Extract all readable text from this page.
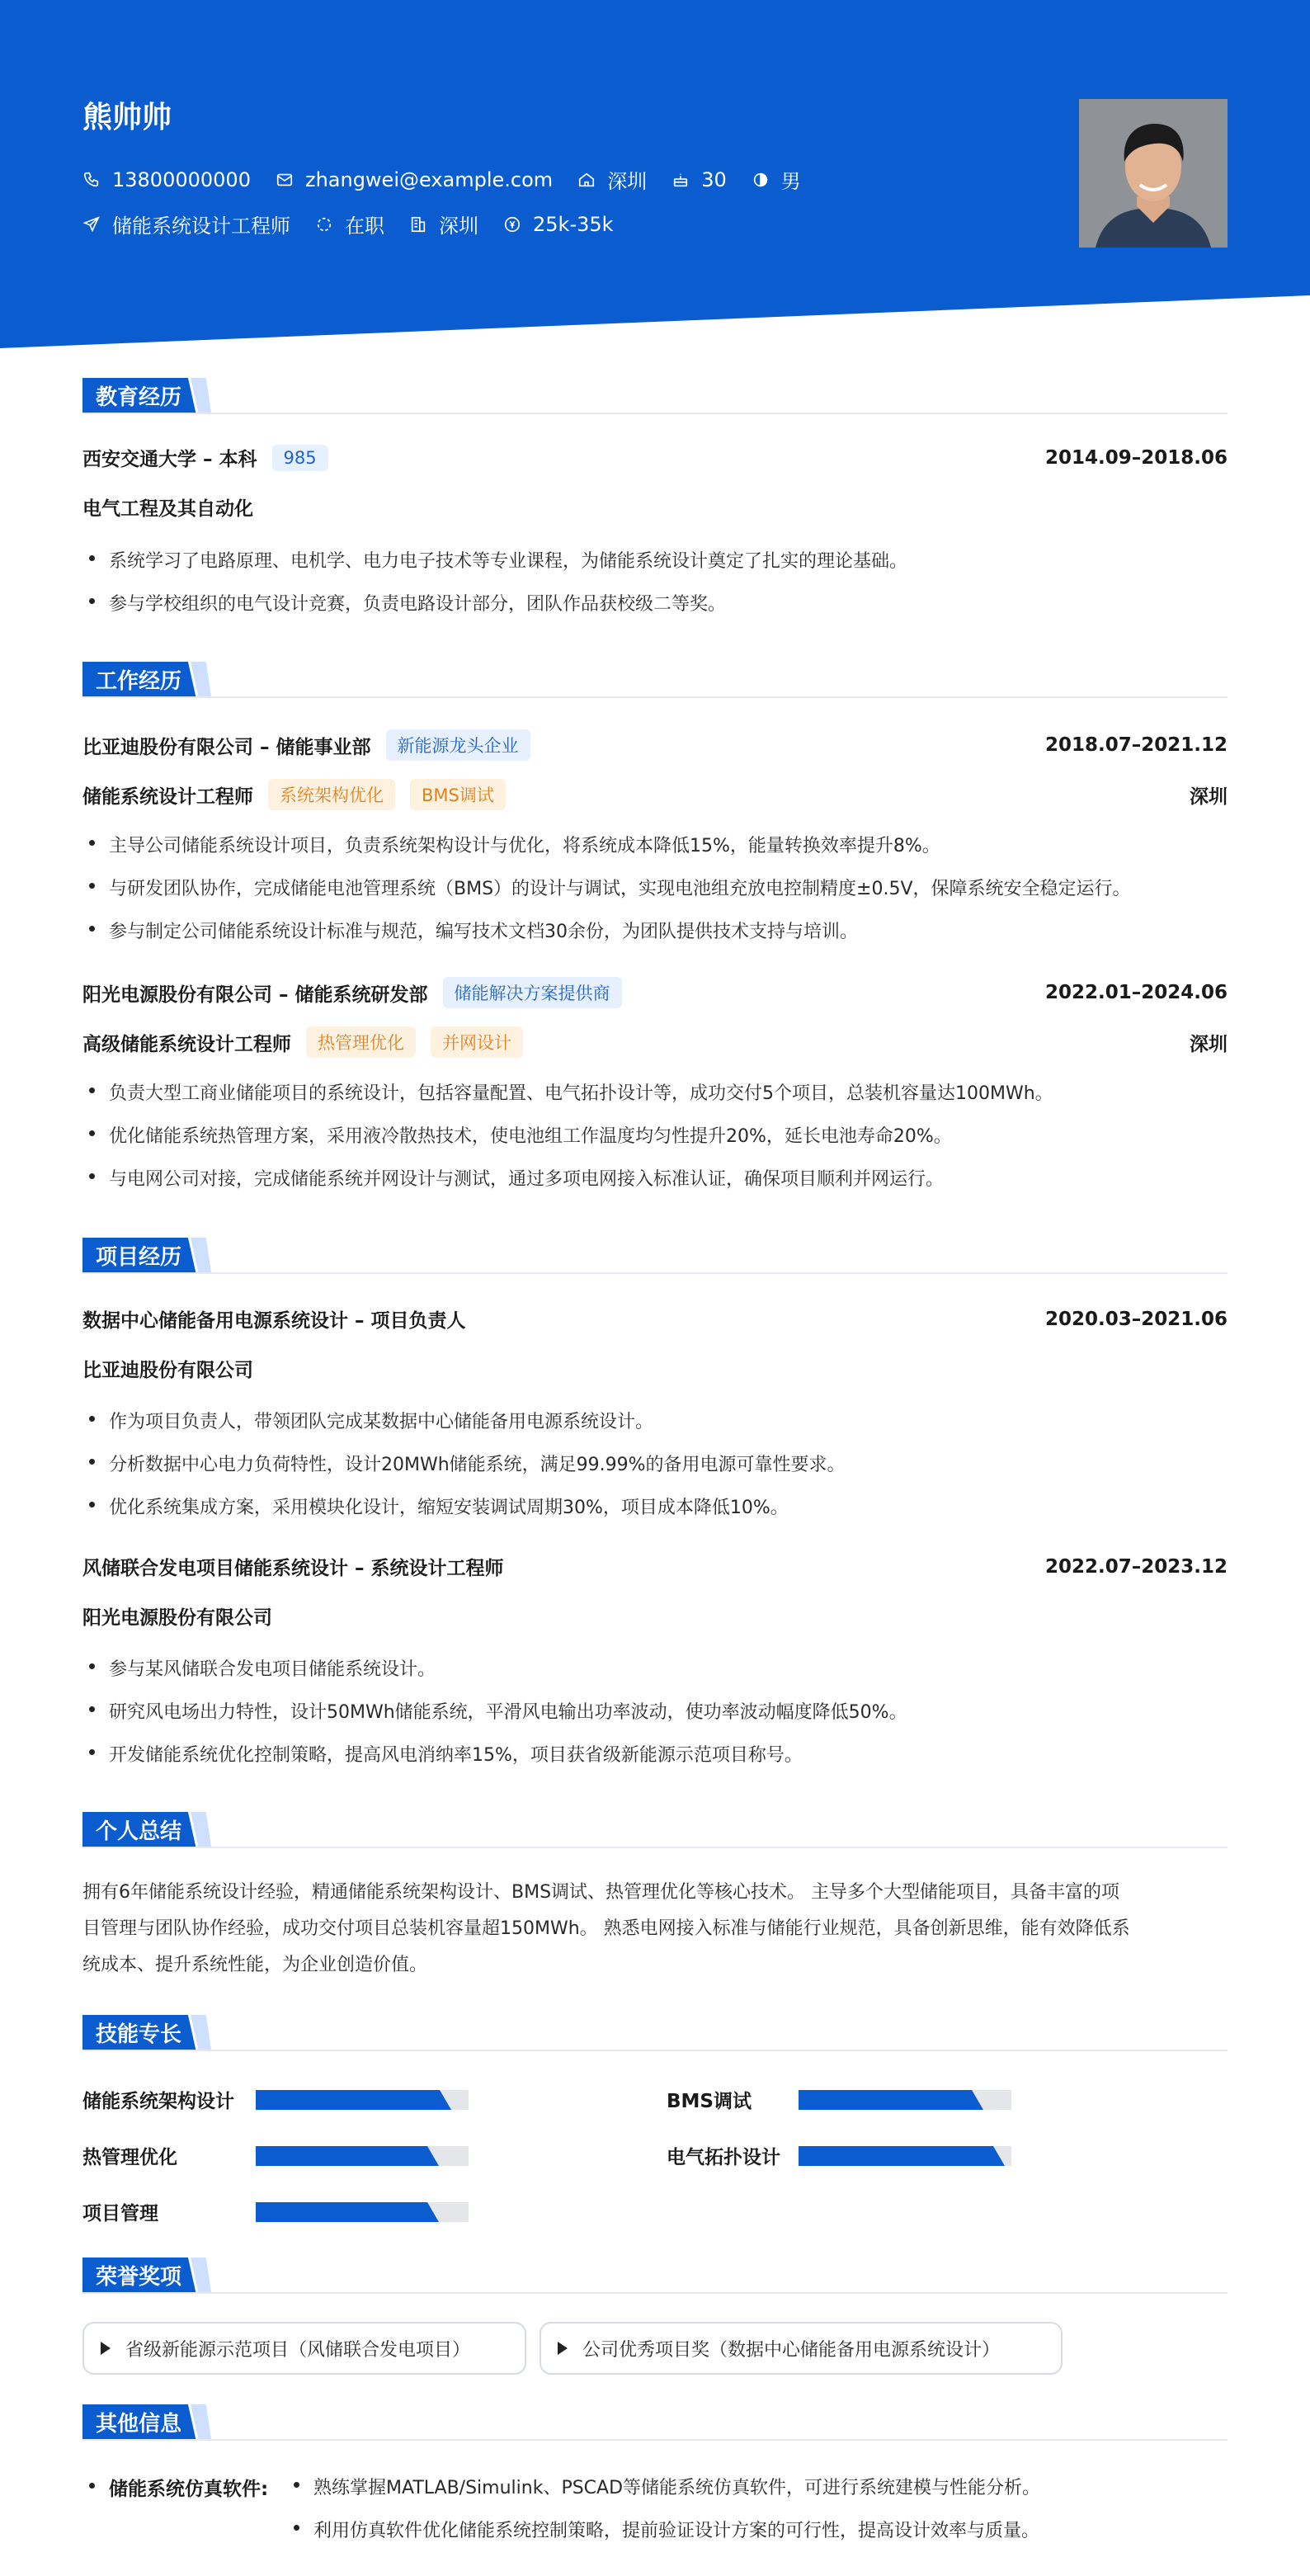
熊帅帅
13800000000	zhangwei@example.com	深圳	30	男
储能系统设计工程师	在职	深圳	25k-35k
教育经历
西安交通大学 – 本科	985	2014.09–2018.06
电气工程及其自动化
系统学习了电路原理、电机学、电力电子技术等专业课程，为储能系统设计奠定了扎实的理论基础。
参与学校组织的电气设计竞赛，负责电路设计部分，团队作品获校级二等奖。
工作经历
比亚迪股份有限公司 – 储能事业部	新能源龙头企业	2018.07–2021.12
储能系统设计工程师	系统架构优化	BMS调试	深圳
主导公司储能系统设计项目，负责系统架构设计与优化，将系统成本降低15%，能量转换效率提升8%。
与研发团队协作，完成储能电池管理系统（BMS）的设计与调试，实现电池组充放电控制精度±0.5V，保障系统安全稳定运行。
参与制定公司储能系统设计标准与规范，编写技术文档30余份，为团队提供技术支持与培训。
阳光电源股份有限公司 – 储能系统研发部	储能解决方案提供商	2022.01–2024.06
高级储能系统设计工程师	热管理优化	并网设计	深圳
负责大型工商业储能项目的系统设计，包括容量配置、电气拓扑设计等，成功交付5个项目，总装机容量达100MWh。
优化储能系统热管理方案，采用液冷散热技术，使电池组工作温度均匀性提升20%，延长电池寿命20%。
与电网公司对接，完成储能系统并网设计与测试，通过多项电网接入标准认证，确保项目顺利并网运行。
项目经历
数据中心储能备用电源系统设计 – 项目负责人	2020.03–2021.06
比亚迪股份有限公司
作为项目负责人，带领团队完成某数据中心储能备用电源系统设计。
分析数据中心电力负荷特性，设计20MWh储能系统，满足99.99%的备用电源可靠性要求。
优化系统集成方案，采用模块化设计，缩短安装调试周期30%，项目成本降低10%。
风储联合发电项目储能系统设计 – 系统设计工程师	2022.07–2023.12
阳光电源股份有限公司
参与某风储联合发电项目储能系统设计。
研究风电场出力特性，设计50MWh储能系统，平滑风电输出功率波动，使功率波动幅度降低50%。
开发储能系统优化控制策略，提高风电消纳率15%，项目获省级新能源示范项目称号。
个人总结
拥有6年储能系统设计经验，精通储能系统架构设计、BMS调试、热管理优化等核心技术。 主导多个大型储能项目，具备丰富的项
目管理与团队协作经验，成功交付项目总装机容量超150MWh。 熟悉电网接入标准与储能行业规范，具备创新思维，能有效降低系
统成本、提升系统性能，为企业创造价值。
技能专长
储能系统架构设计	BMS调试
热管理优化	电气拓扑设计
项目管理
荣誉奖项
省级新能源示范项目（风储联合发电项目）	公司优秀项目奖（数据中心储能备用电源系统设计）
其他信息
储能系统仿真软件:	熟练掌握MATLAB/Simulink、PSCAD等储能系统仿真软件，可进行系统建模与性能分析。
利用仿真软件优化储能系统控制策略，提前验证设计方案的可行性，提高设计效率与质量。
